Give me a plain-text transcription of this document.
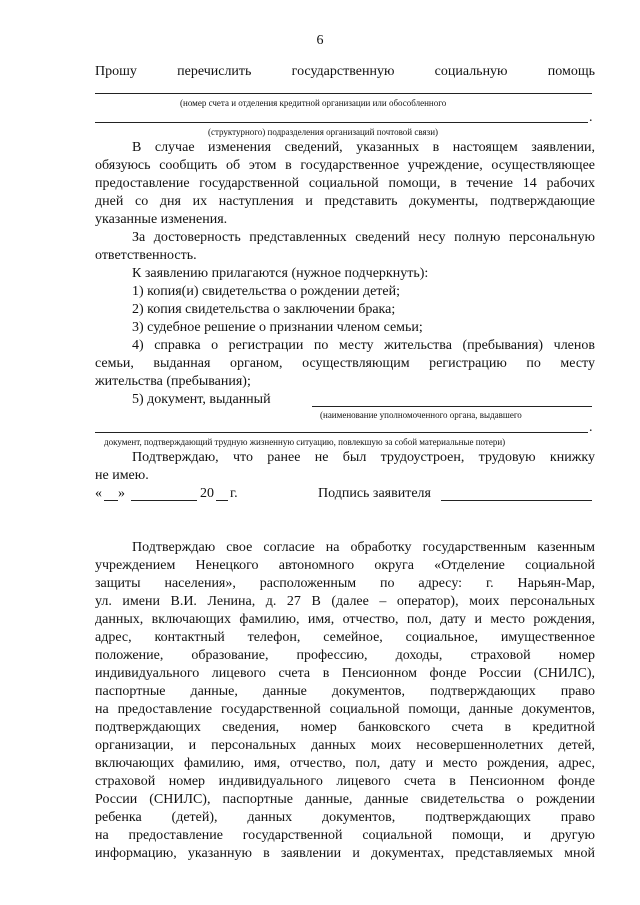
6
Прошу	перечислить	государственную	социальную	помощь
(номер счета и отделения кредитной организации или обособленного
.
(структурного) подразделения организаций почтовой связи)
В случае изменения сведений, указанных в настоящем заявлении,
обязуюсь сообщить об этом в государственное учреждение, осуществляющее
предоставление государственной социальной помощи, в течение 14 рабочих
дней со дня их наступления и представить документы, подтверждающие
указанные изменения.
За достоверность представленных сведений несу полную персональную
ответственность.
К заявлению прилагаются (нужное подчеркнуть):
1) копия(и) свидетельства о рождении детей;
2) копия свидетельства о заключении брака;
3) судебное решение о признании членом семьи;
4) справка о регистрации по месту жительства (пребывания) членов
семьи, выданная органом, осуществляющим регистрацию по месту
жительства (пребывания);
5) документ, выданный
(наименование уполномоченного органа, выдавшего
.
документ, подтверждающий трудную жизненную ситуацию, повлекшую за собой материальные потери)
Подтверждаю, что ранее не был трудоустроен, трудовую книжку
не имею.
« »	20 г.	Подпись заявителя
Подтверждаю свое согласие на обработку государственным казенным
учреждением Ненецкого автономного округа «Отделение социальной
защиты населения», расположенным по адресу: г. Нарьян-Мар,
ул. имени В.И. Ленина, д. 27 В (далее – оператор), моих персональных
данных, включающих фамилию, имя, отчество, пол, дату и место рождения,
адрес, контактный телефон, семейное, социальное, имущественное
положение, образование, профессию, доходы, страховой номер
индивидуального лицевого счета в Пенсионном фонде России (СНИЛС),
паспортные данные, данные документов, подтверждающих право
на предоставление государственной социальной помощи, данные документов,
подтверждающих сведения, номер банковского счета в кредитной
организации, и персональных данных моих несовершеннолетних детей,
включающих фамилию, имя, отчество, пол, дату и место рождения, адрес,
страховой номер индивидуального лицевого счета в Пенсионном фонде
России (СНИЛС), паспортные данные, данные свидетельства о рождении
ребенка (детей), данных документов, подтверждающих право
на предоставление государственной социальной помощи, и другую
информацию, указанную в заявлении и документах, представляемых мной
